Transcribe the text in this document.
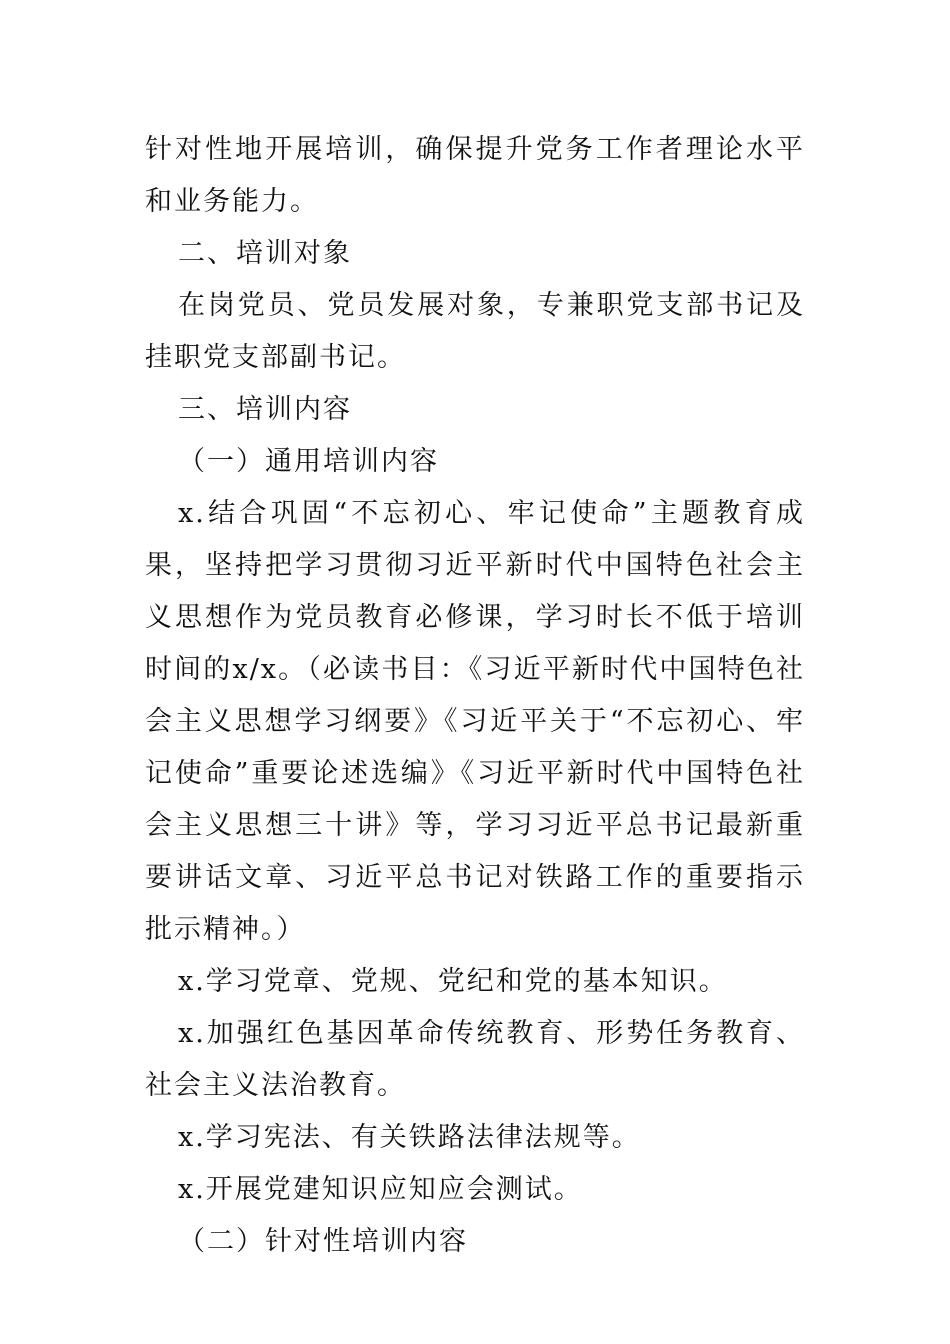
针对性地开展培训，确保提升党务工作者理论水平和业务能力。

二、培训对象

在岗党员、党员发展对象，专兼职党支部书记及挂职党支部副书记。

三、培训内容

（一）通用培训内容

x.结合巩固“不忘初心、牢记使命”主题教育成果，坚持把学习贯彻习近平新时代中国特色社会主义思想作为党员教育必修课，学习时长不低于培训时间的x/x。（必读书目：《习近平新时代中国特色社会主义思想学习纲要》《习近平关于“不忘初心、牢记使命”重要论述选编》《习近平新时代中国特色社会主义思想三十讲》等，学习习近平总书记最新重要讲话文章、习近平总书记对铁路工作的重要指示批示精神。）

x.学习党章、党规、党纪和党的基本知识。

x.加强红色基因革命传统教育、形势任务教育、社会主义法治教育。

x.学习宪法、有关铁路法律法规等。

x.开展党建知识应知应会测试。

（二）针对性培训内容
